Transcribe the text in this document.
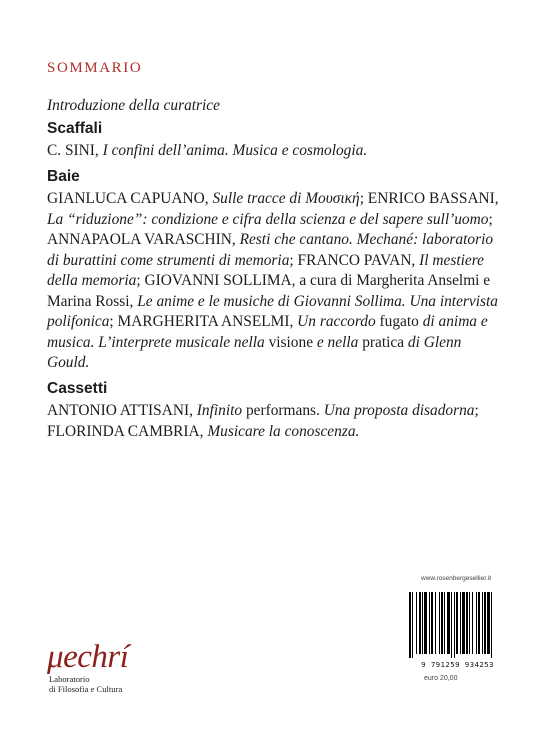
SOMMARIO
Introduzione della curatrice
Scaffali
C. SINI, I confini dell’anima. Musica e cosmologia.
Baie
GIANLUCA CAPUANO, Sulle tracce di Μουσική; ENRICO BASSANI, La “riduzione”: condizione e cifra della scienza e del sapere sull’uomo; ANNAPAOLA VARASCHIN, Resti che cantano. Mechané: laboratorio di burattini come strumenti di memoria; FRANCO PAVAN, Il mestiere della memoria; GIOVANNI SOLLIMA, a cura di Margherita Anselmi e Marina Rossi, Le anime e le musiche di Giovanni Sollima. Una intervista polifonica; MARGHERITA ANSELMI, Un raccordo fugato di anima e musica. L’interprete musicale nella visione e nella pratica di Glenn Gould.
Cassetti
ANTONIO ATTISANI, Infinito performans. Una proposta disadorna; FLORINDA CAMBRIA, Musicare la conoscenza.
www.rosenbergesellier.it
9 791259 934253
euro 20,00
μechrí
Laboratorio
di Filosofia e Cultura
